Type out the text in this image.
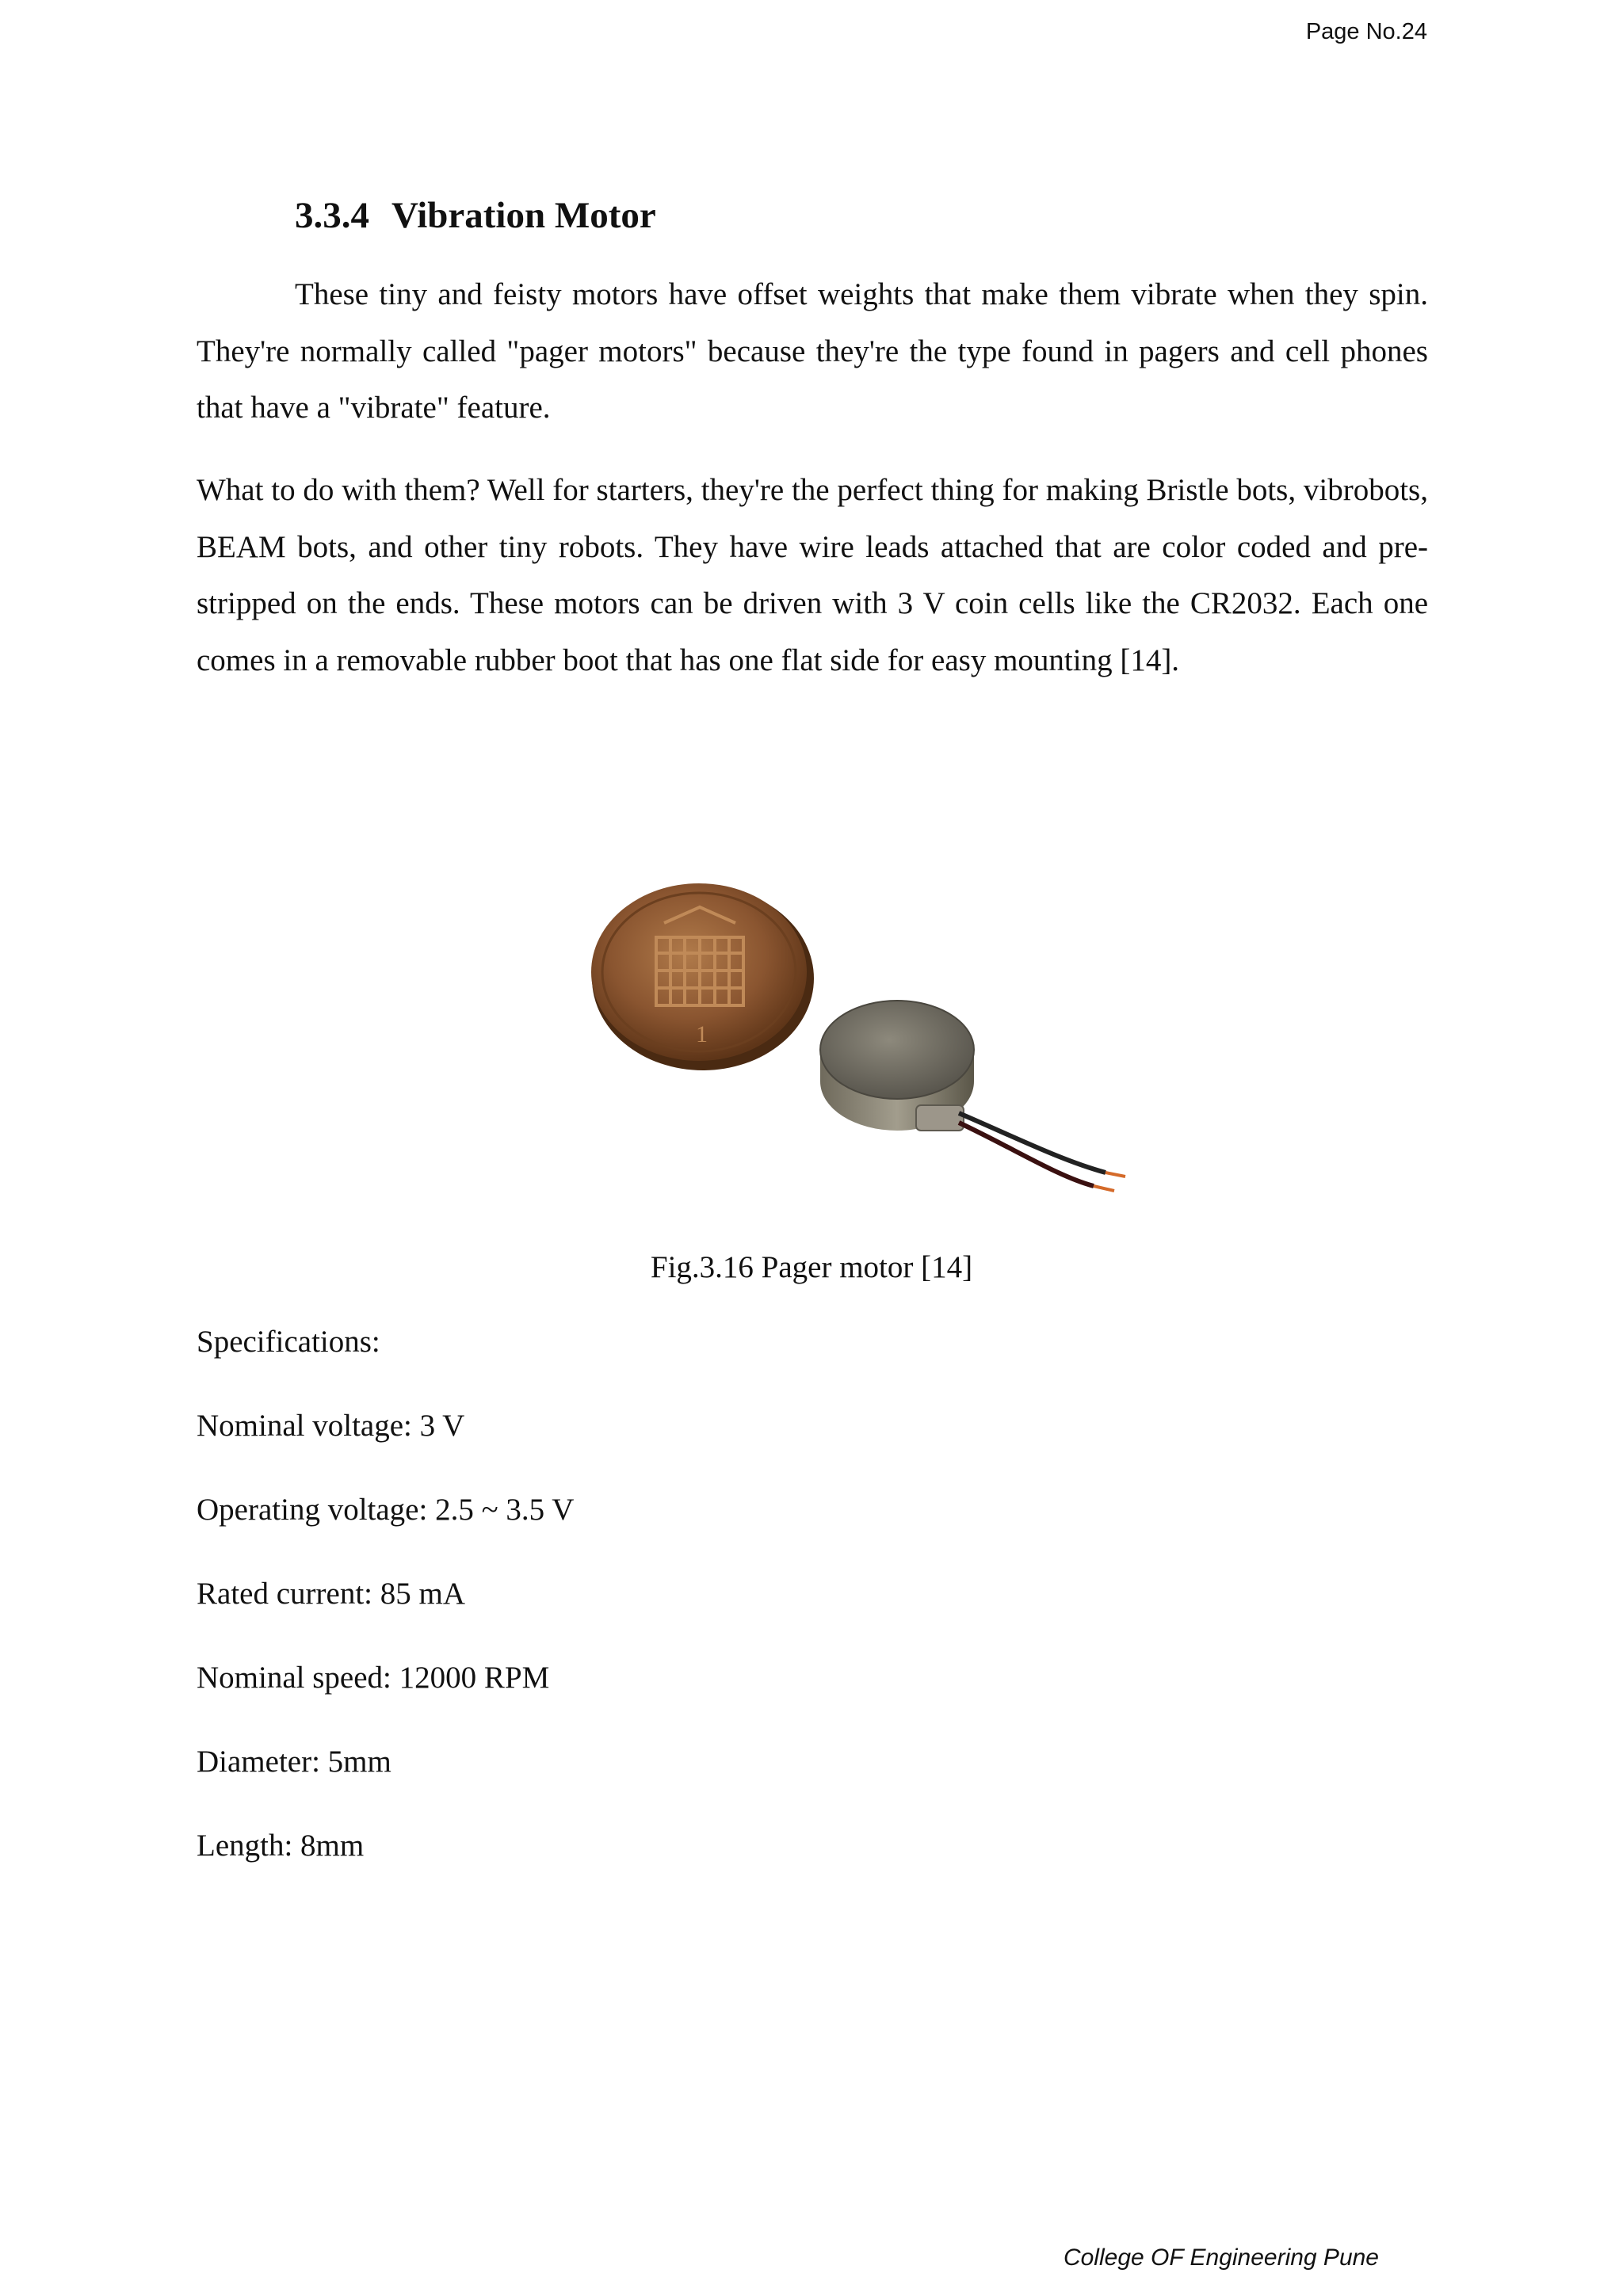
Page No.24
3.3.4 Vibration Motor

These tiny and feisty motors have offset weights that make them vibrate when they spin. They're normally called "pager motors" because they're the type found in pagers and cell phones that have a "vibrate" feature.

What to do with them? Well for starters, they're the perfect thing for making Bristle bots, vibrobots, BEAM bots, and other tiny robots. They have wire leads attached that are color coded and pre-stripped on the ends. These motors can be driven with 3 V coin cells like the CR2032. Each one comes in a removable rubber boot that has one flat side for easy mounting [14].

1
Fig.3.16 Pager motor [14]
Specifications:
Nominal voltage: 3 V
Operating voltage: 2.5 ~ 3.5 V
Rated current: 85 mA
Nominal speed: 12000 RPM
Diameter: 5mm
Length: 8mm
College OF Engineering Pune
